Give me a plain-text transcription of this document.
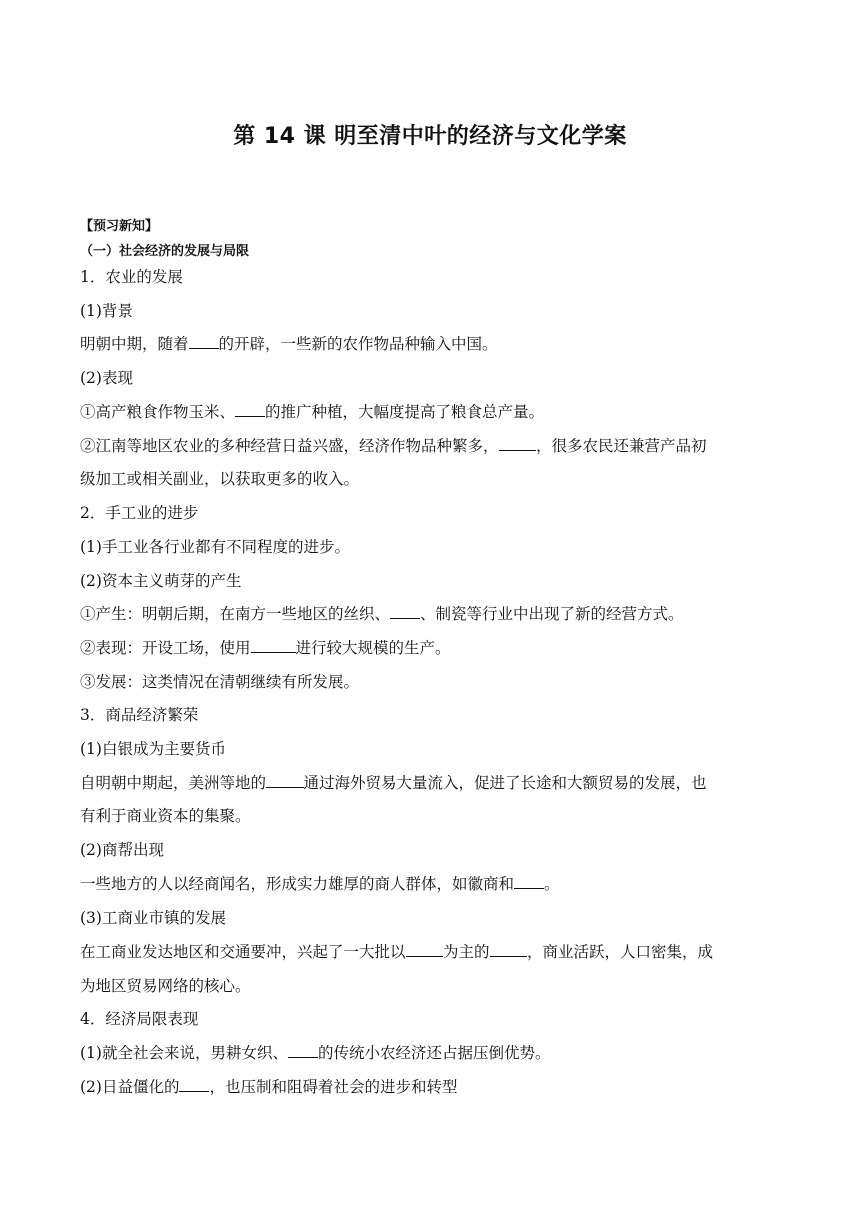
第 14 课 明至清中叶的经济与文化学案
【预习新知】
（一）社会经济的发展与局限
1．农业的发展
(1)背景
明朝中期，随着 的开辟，一些新的农作物品种输入中国。
(2)表现
①高产粮食作物玉米、 的推广种植，大幅度提高了粮食总产量。
②江南等地区农业的多种经营日益兴盛，经济作物品种繁多， ，很多农民还兼营产品初
级加工或相关副业，以获取更多的收入。
2．手工业的进步
(1)手工业各行业都有不同程度的进步。
(2)资本主义萌芽的产生
①产生：明朝后期，在南方一些地区的丝织、 、制瓷等行业中出现了新的经营方式。
②表现：开设工场，使用	进行较大规模的生产。
③发展：这类情况在清朝继续有所发展。
3．商品经济繁荣
(1)白银成为主要货币
自明朝中期起，美洲等地的 通过海外贸易大量流入，促进了长途和大额贸易的发展，也
有利于商业资本的集聚。
(2)商帮出现
一些地方的人以经商闻名，形成实力雄厚的商人群体，如徽商和 。
(3)工商业市镇的发展
在工商业发达地区和交通要冲，兴起了一大批以 为主的 ，商业活跃，人口密集，成
为地区贸易网络的核心。
4．经济局限表现
(1)就全社会来说，男耕女织、 的传统小农经济还占据压倒优势。
(2)日益僵化的 ，也压制和阻碍着社会的进步和转型
